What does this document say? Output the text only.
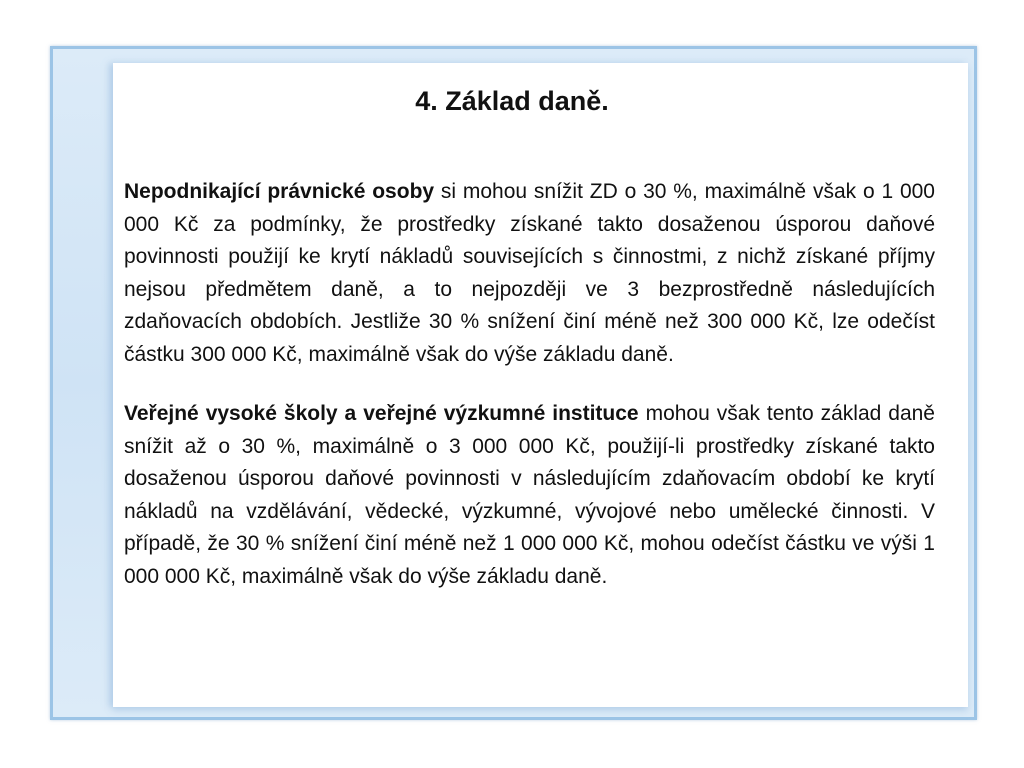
4. Základ daně.

Nepodnikající právnické osoby si mohou snížit ZD o 30 %, maximálně však o 1 000 000 Kč za podmínky, že prostředky získané takto dosaženou úsporou daňové povinnosti použijí ke krytí nákladů souvisejících s činnostmi, z nichž získané příjmy nejsou předmětem daně, a to nejpozději ve 3 bezprostředně následujících zdaňovacích obdobích. Jestliže 30 % snížení činí méně než 300 000 Kč, lze odečíst částku 300 000 Kč, maximálně však do výše základu daně.

Veřejné vysoké školy a veřejné výzkumné instituce mohou však tento základ daně snížit až o 30 %, maximálně o 3 000 000 Kč, použijí-li prostředky získané takto dosaženou úsporou daňové povinnosti v následujícím zdaňovacím období ke krytí nákladů na vzdělávání, vědecké, výzkumné, vývojové nebo umělecké činnosti. V případě, že 30 % snížení činí méně než 1 000 000 Kč, mohou odečíst částku ve výši 1 000 000 Kč, maximálně však do výše základu daně.
